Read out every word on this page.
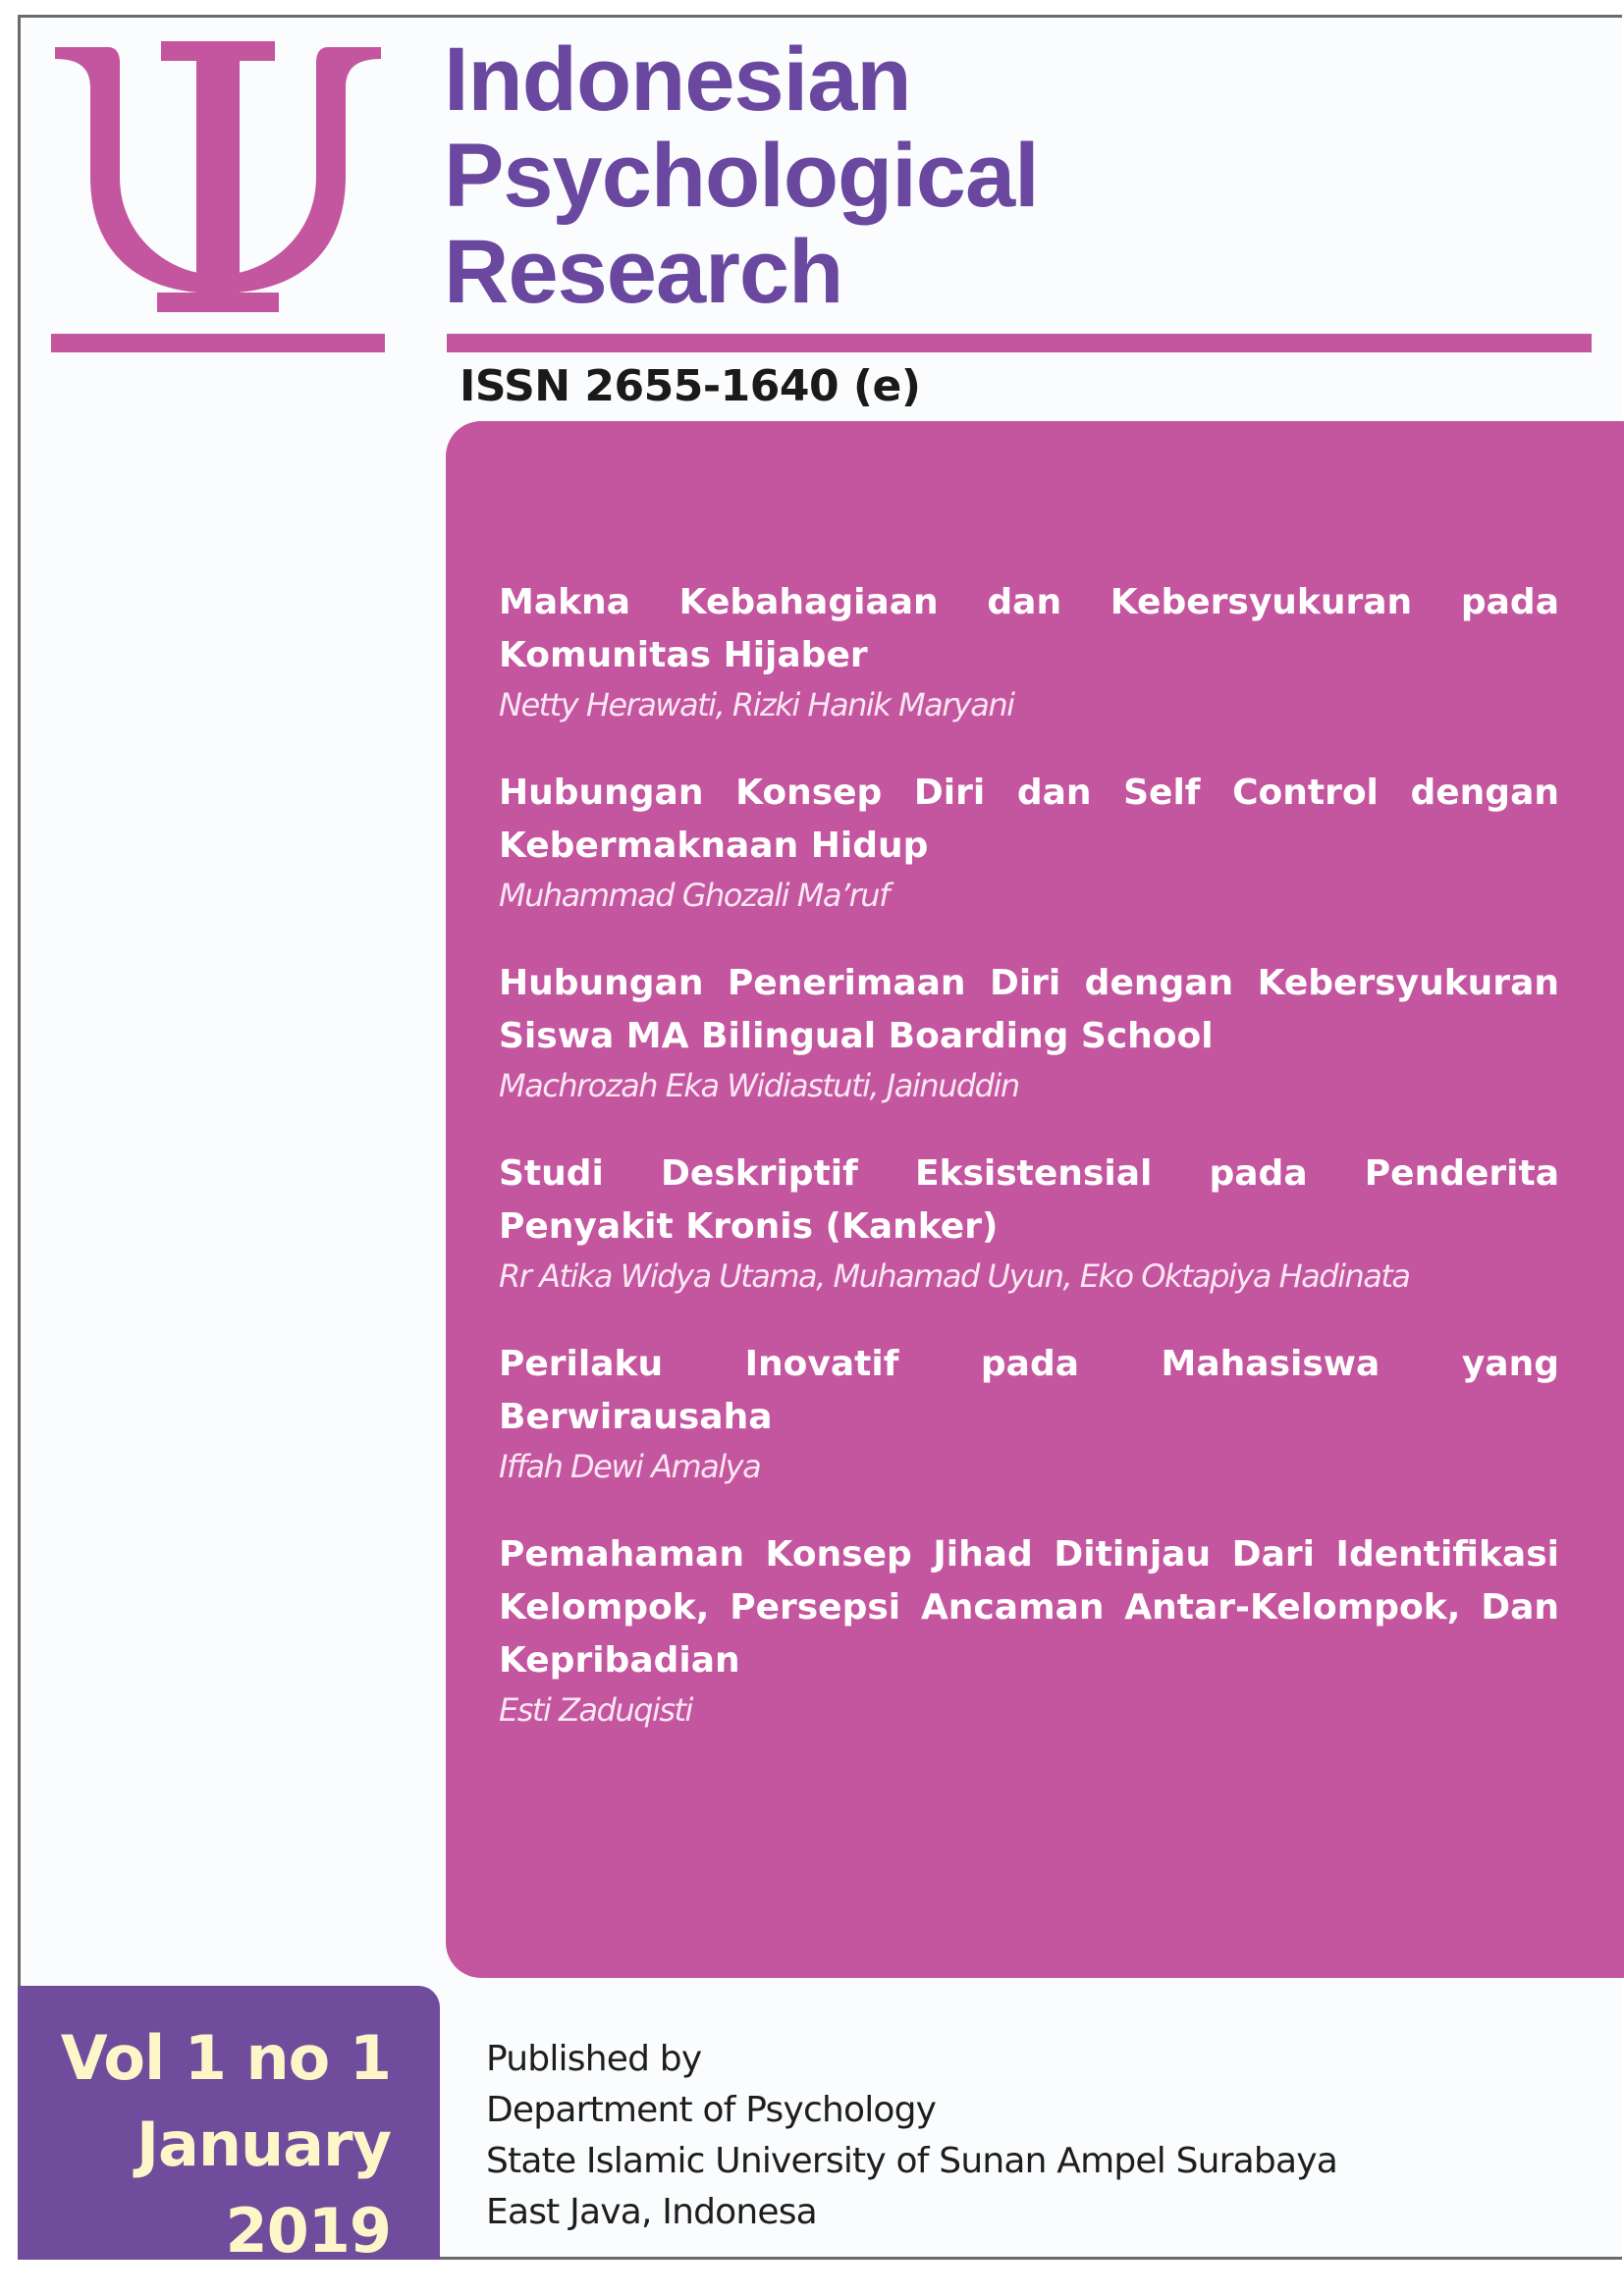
Indonesian
Psychological
Research
ISSN 2655-1640 (e)
Makna Kebahagiaan dan Kebersyukuran pada Komunitas Hijaber
Netty Herawati, Rizki Hanik Maryani
Hubungan Konsep Diri dan Self Control dengan Kebermaknaan Hidup
Muhammad Ghozali Ma’ruf
Hubungan Penerimaan Diri dengan Kebersyukuran Siswa MA Bilingual Boarding School
Machrozah Eka Widiastuti, Jainuddin
Studi Deskriptif Eksistensial pada Penderita Penyakit Kronis (Kanker)
Rr Atika Widya Utama, Muhamad Uyun, Eko Oktapiya Hadinata
Perilaku Inovatif pada Mahasiswa yang Berwirausaha
Iffah Dewi Amalya
Pemahaman Konsep Jihad Ditinjau Dari Identifikasi Kelompok, Persepsi Ancaman Antar-Kelompok, Dan Kepribadian
Esti Zaduqisti
Vol 1 no 1
January
2019
Published by
Department of Psychology
State Islamic University of Sunan Ampel Surabaya
East Java, Indonesa
